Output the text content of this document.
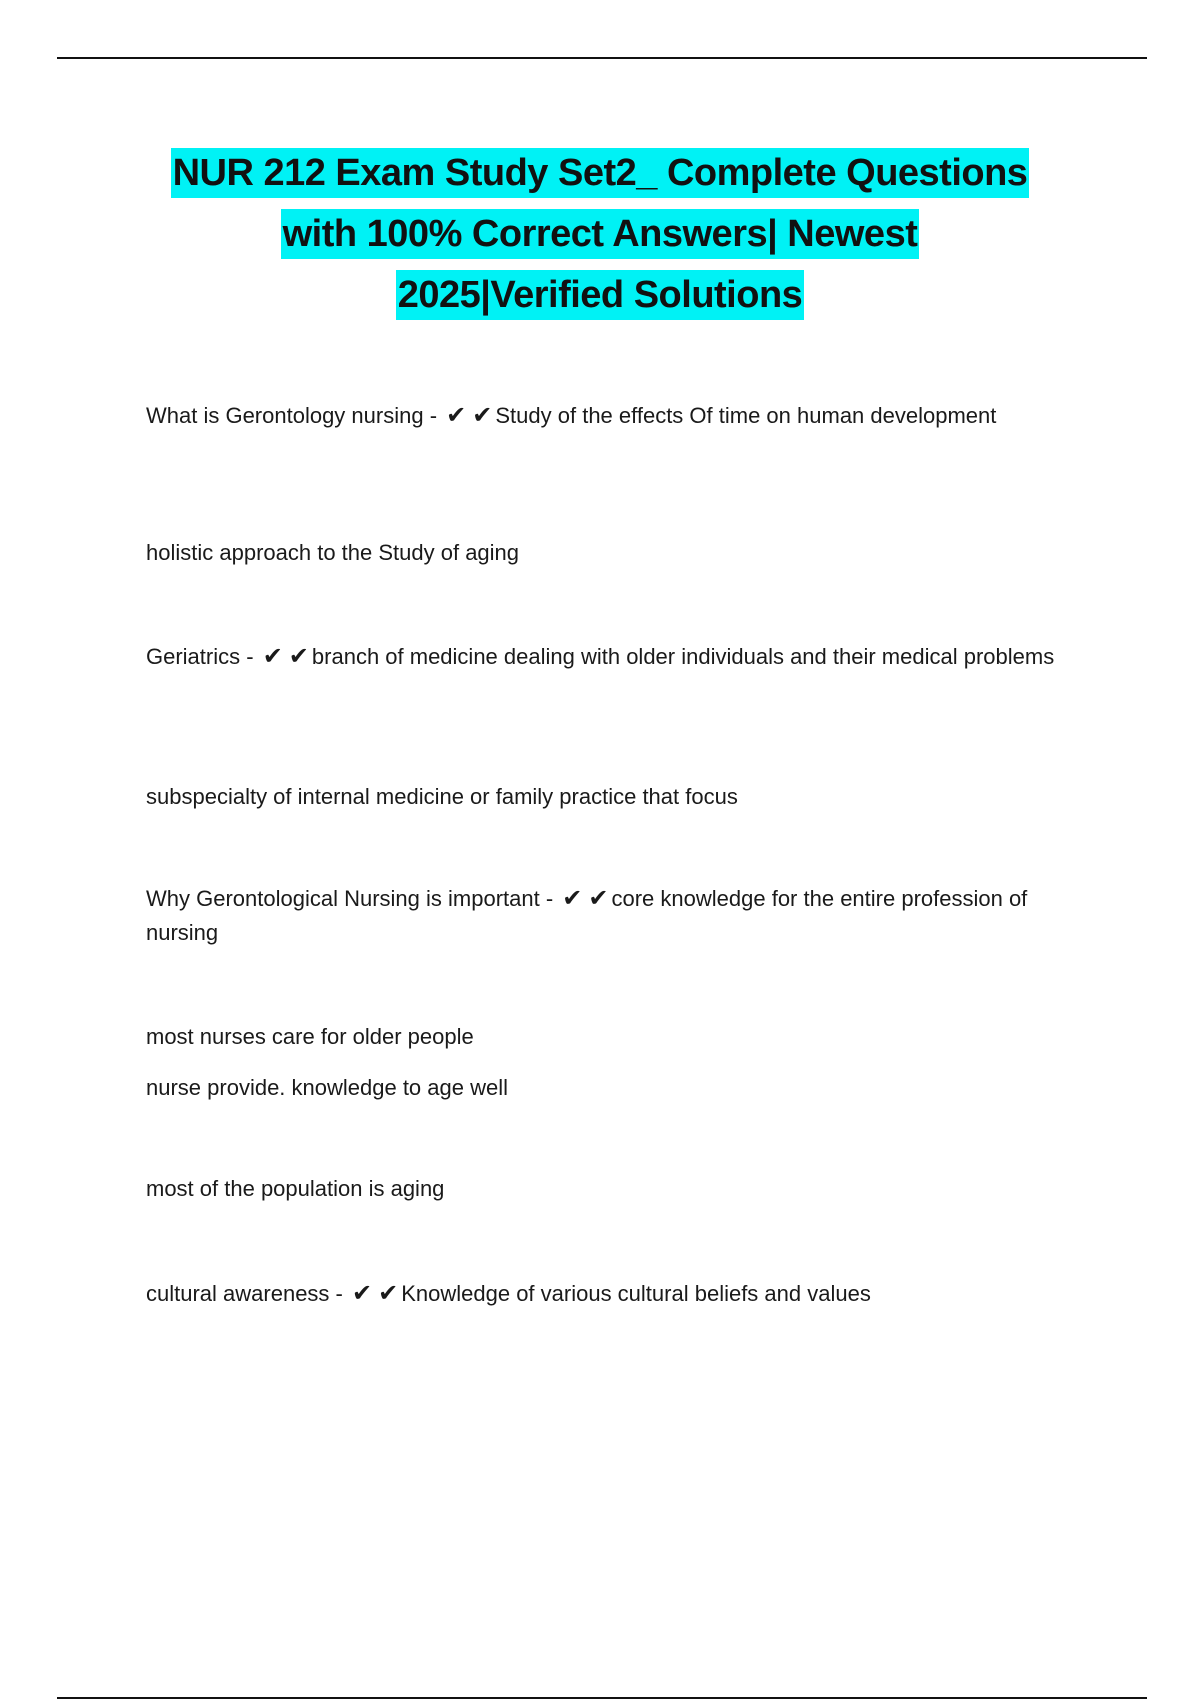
NUR 212 Exam Study Set2_ Complete Questions
with 100% Correct Answers| Newest
2025|Verified Solutions
What is Gerontology nursing - ✔ ✔ Study of the effects Of time on human development
holistic approach to the Study of aging
Geriatrics - ✔ ✔ branch of medicine dealing with older individuals and their medical problems
subspecialty of internal medicine or family practice that focus
Why Gerontological Nursing is important - ✔ ✔ core knowledge for the entire profession of nursing
most nurses care for older people
nurse provide. knowledge to age well
most of the population is aging
cultural awareness - ✔ ✔ Knowledge of various cultural beliefs and values
